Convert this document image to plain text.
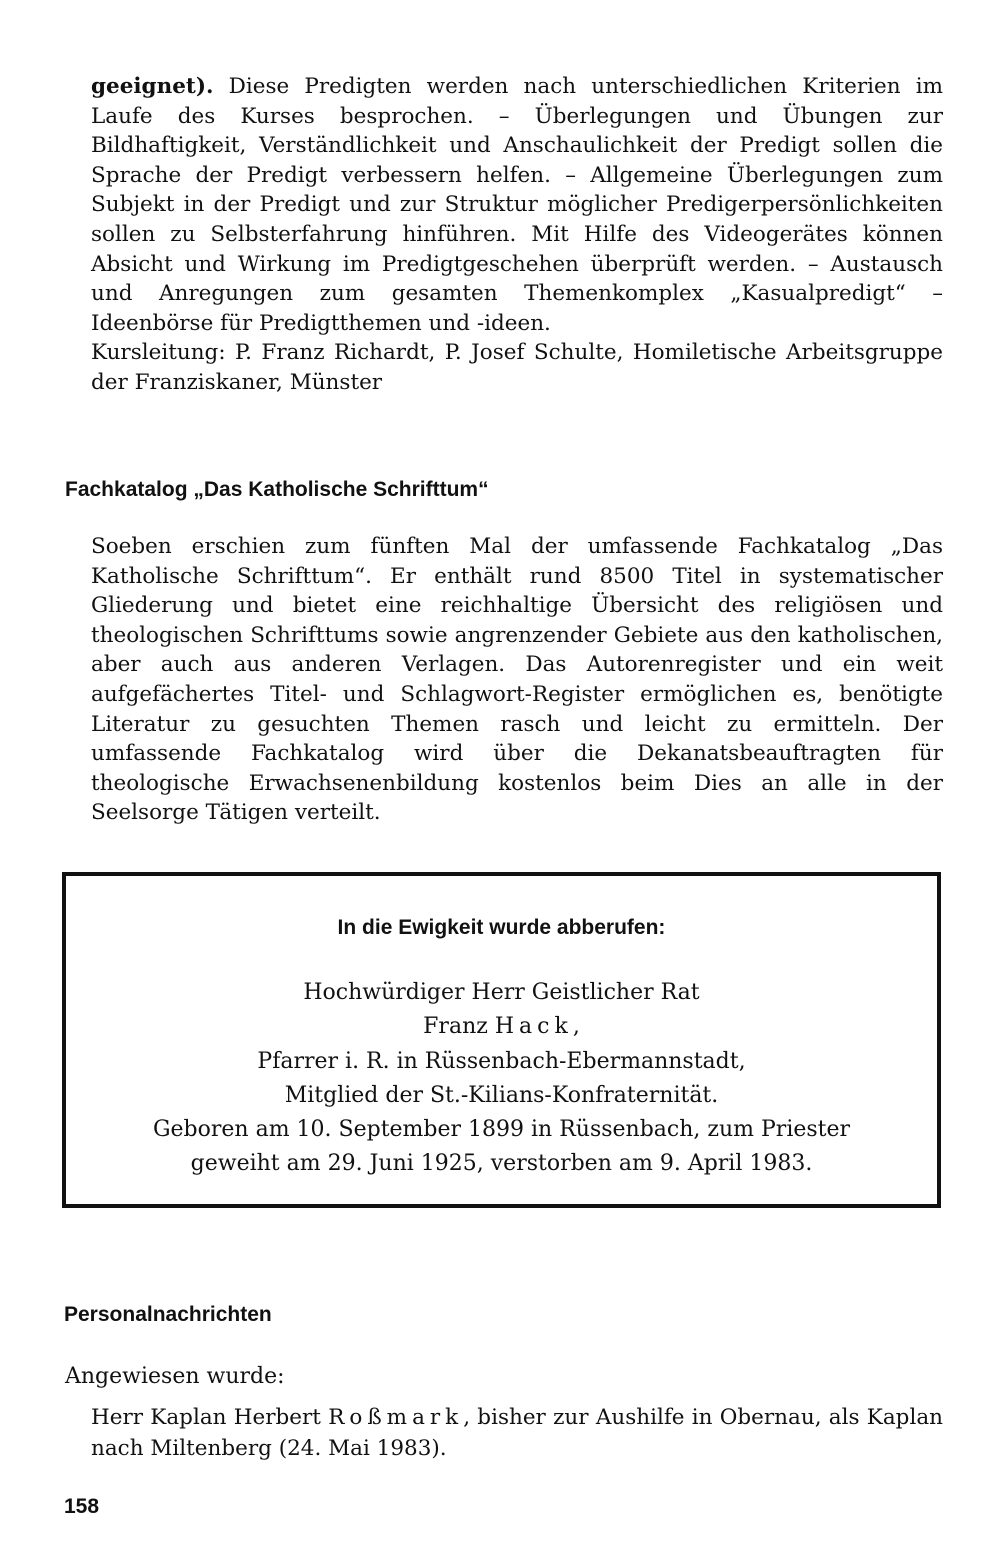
geeignet). Diese Predigten werden nach unterschiedlichen Kriterien im Laufe des Kurses besprochen. – Überlegungen und Übungen zur Bildhaftigkeit, Verständlichkeit und Anschaulichkeit der Predigt sollen die Sprache der Predigt verbessern helfen. – Allgemeine Überlegungen zum Subjekt in der Predigt und zur Struktur möglicher Predigerpersönlichkeiten sollen zu Selbsterfahrung hinführen. Mit Hilfe des Videogerätes können Absicht und Wirkung im Predigtgeschehen überprüft werden. – Austausch und Anregungen zum gesamten Themenkomplex „Kasualpredigt“ – Ideenbörse für Predigtthemen und -ideen.

Kursleitung: P. Franz Richardt, P. Josef Schulte, Homiletische Arbeitsgruppe der Franziskaner, Münster

Fachkatalog „Das Katholische Schrifttum“

Soeben erschien zum fünften Mal der umfassende Fachkatalog „Das Katholische Schrifttum“. Er enthält rund 8500 Titel in systematischer Gliederung und bietet eine reichhaltige Übersicht des religiösen und theologischen Schrifttums sowie angrenzender Gebiete aus den katholischen, aber auch aus anderen Verlagen. Das Autorenregister und ein weit aufgefächertes Titel- und Schlagwort-Register ermöglichen es, benötigte Literatur zu gesuchten Themen rasch und leicht zu ermitteln. Der umfassende Fachkatalog wird über die Dekanatsbeauftragten für theologische Erwachsenenbildung kostenlos beim Dies an alle in der Seelsorge Tätigen verteilt.

In die Ewigkeit wurde abberufen:
Hochwürdiger Herr Geistlicher Rat
Franz Hack,
Pfarrer i. R. in Rüssenbach-Ebermannstadt,
Mitglied der St.-Kilians-Konfraternität.
Geboren am 10. September 1899 in Rüssenbach, zum Priester
geweiht am 29. Juni 1925, verstorben am 9. April 1983.
Personalnachrichten

Angewiesen wurde:

Herr Kaplan Herbert Roßmark, bisher zur Aushilfe in Obernau, als Kaplan nach Miltenberg (24. Mai 1983).

158
